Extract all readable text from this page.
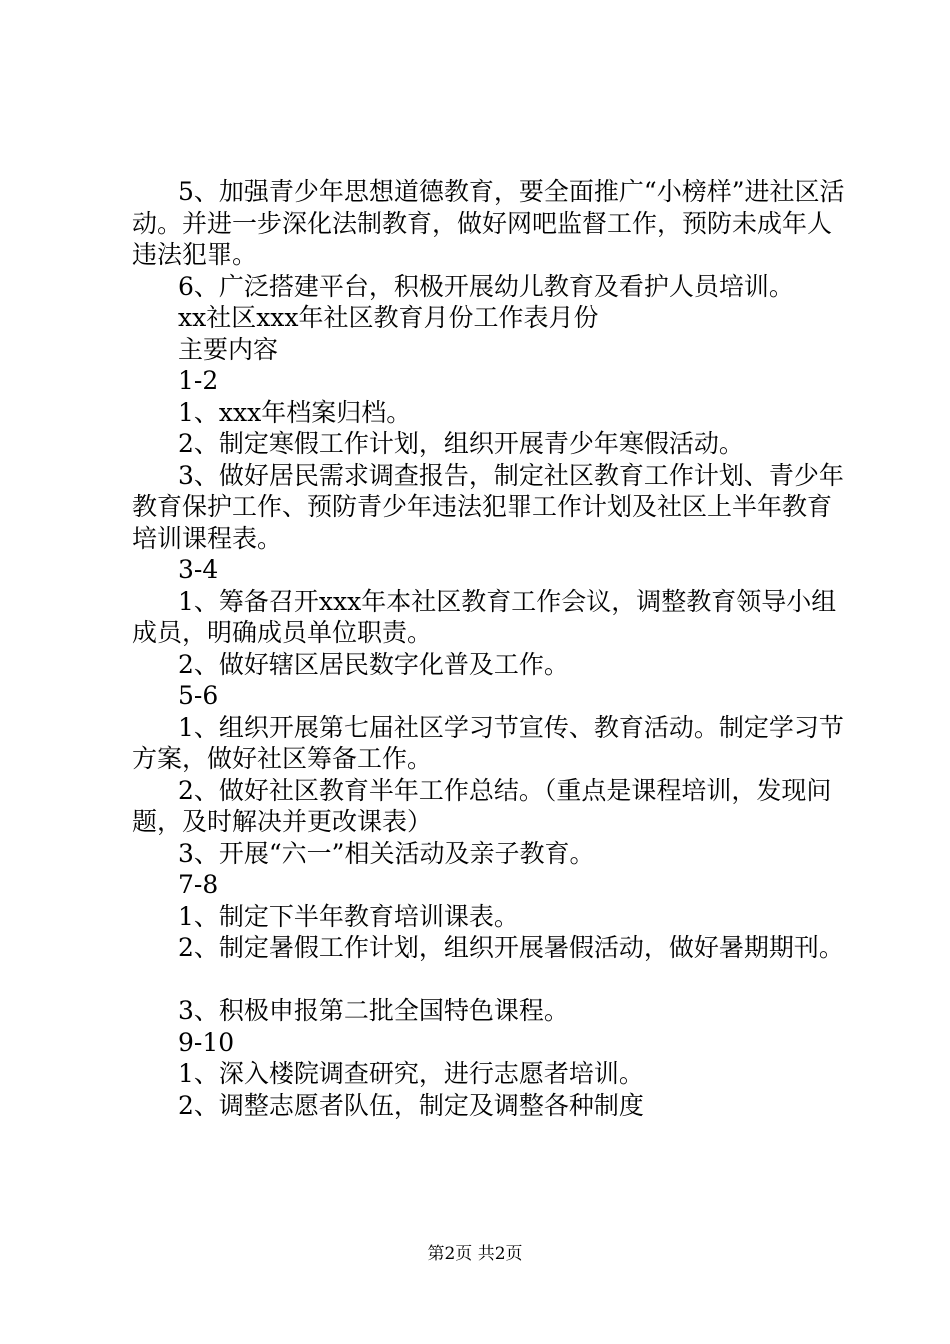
5、加强青少年思想道德教育，要全面推广“小榜样”进社区活动。并进一步深化法制教育，做好网吧监督工作，预防未成年人违法犯罪。

6、广泛搭建平台，积极开展幼儿教育及看护人员培训。

xx社区xxx年社区教育月份工作表月份

主要内容

1-2

1、xxx年档案归档。

2、制定寒假工作计划，组织开展青少年寒假活动。

3、做好居民需求调查报告，制定社区教育工作计划、青少年教育保护工作、预防青少年违法犯罪工作计划及社区上半年教育培训课程表。

3-4

1、筹备召开xxx年本社区教育工作会议，调整教育领导小组成员，明确成员单位职责。

2、做好辖区居民数字化普及工作。

5-6

1、组织开展第七届社区学习节宣传、教育活动。制定学习节方案，做好社区筹备工作。

2、做好社区教育半年工作总结。（重点是课程培训，发现问题，及时解决并更改课表）

3、开展“六一”相关活动及亲子教育。

7-8

1、制定下半年教育培训课表。

2、制定暑假工作计划，组织开展暑假活动，做好暑期期刊。

3、积极申报第二批全国特色课程。

9-10

1、深入楼院调查研究，进行志愿者培训。

2、调整志愿者队伍，制定及调整各种制度

第2页 共2页
